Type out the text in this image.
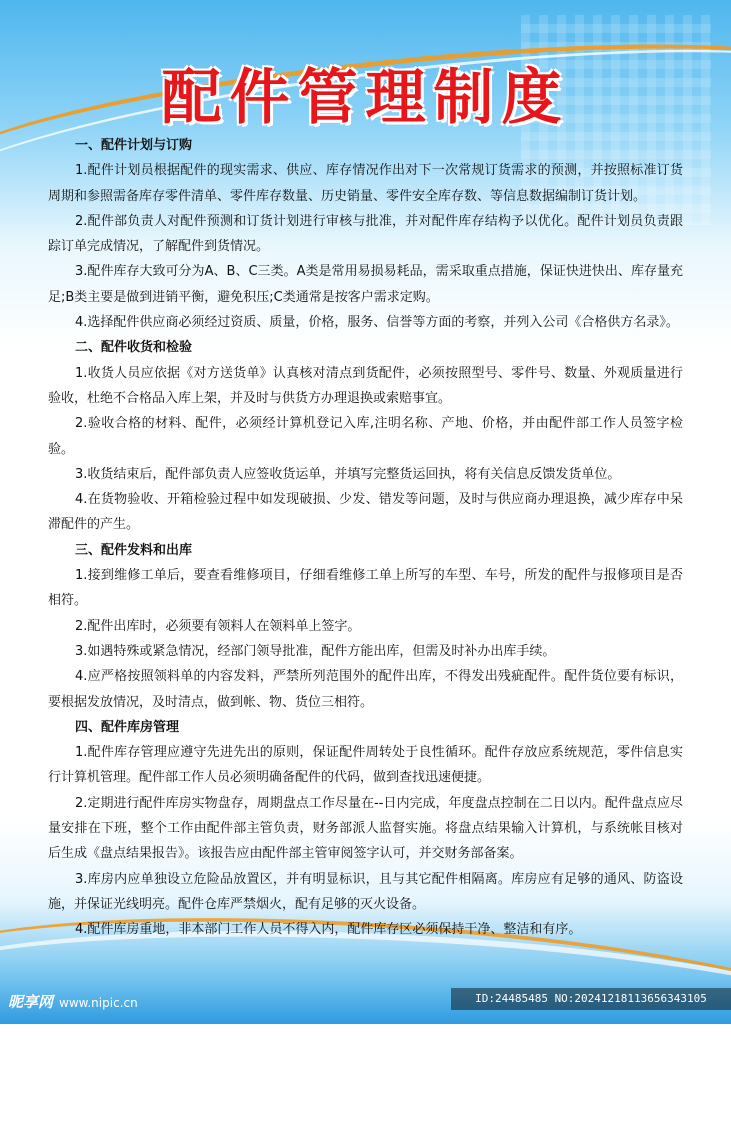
配件管理制度

一、配件计划与订购

1.配件计划员根据配件的现实需求、供应、库存情况作出对下一次常规订货需求的预测，并按照标准订货周期和参照需备库存零件清单、零件库存数量、历史销量、零件安全库存数、等信息数据编制订货计划。

2.配件部负责人对配件预测和订货计划进行审核与批准，并对配件库存结构予以优化。配件计划员负责跟踪订单完成情况，了解配件到货情况。

3.配件库存大致可分为A、B、C三类。A类是常用易损易耗品，需采取重点措施，保证快进快出、库存量充足;B类主要是做到进销平衡，避免积压;C类通常是按客户需求定购。

4.选择配件供应商必须经过资质、质量，价格，服务、信誉等方面的考察，并列入公司《合格供方名录》。

二、配件收货和检验

1.收货人员应依据《对方送货单》认真核对清点到货配件，必须按照型号、零件号、数量、外观质量进行验收，杜绝不合格品入库上架，并及时与供货方办理退换或索赔事宜。

2.验收合格的材料、配件，必须经计算机登记入库,注明名称、产地、价格，并由配件部工作人员签字检验。

3.收货结束后，配件部负责人应签收货运单，并填写完整货运回执，将有关信息反馈发货单位。

4.在货物验收、开箱检验过程中如发现破损、少发、错发等问题，及时与供应商办理退换，减少库存中呆滞配件的产生。

三、配件发料和出库

1.接到维修工单后，要查看维修项目，仔细看维修工单上所写的车型、车号，所发的配件与报修项目是否相符。

2.配件出库时，必须要有领料人在领料单上签字。

3.如遇特殊或紧急情况，经部门领导批准，配件方能出库，但需及时补办出库手续。

4.应严格按照领料单的内容发料，严禁所列范围外的配件出库，不得发出残疵配件。配件货位要有标识，要根据发放情况，及时清点，做到帐、物、货位三相符。

四、配件库房管理

1.配件库存管理应遵守先进先出的原则，保证配件周转处于良性循环。配件存放应系统规范，零件信息实行计算机管理。配件部工作人员必须明确备配件的代码，做到查找迅速便捷。

2.定期进行配件库房实物盘存，周期盘点工作尽量在--日内完成，年度盘点控制在二日以内。配件盘点应尽量安排在下班，整个工作由配件部主管负责，财务部派人监督实施。将盘点结果输入计算机，与系统帐目核对后生成《盘点结果报告》。该报告应由配件部主管审阅签字认可，并交财务部备案。

3.库房内应单独设立危险品放置区，并有明显标识，且与其它配件相隔离。库房应有足够的通风、防盗设施，并保证光线明亮。配件仓库严禁烟火，配有足够的灭火设备。

4.配件库房重地，非本部门工作人员不得入内，配件库存区必须保持干净、整洁和有序。

昵享网 www.nipic.cn	ID:24485485 NO:20241218113656343105
